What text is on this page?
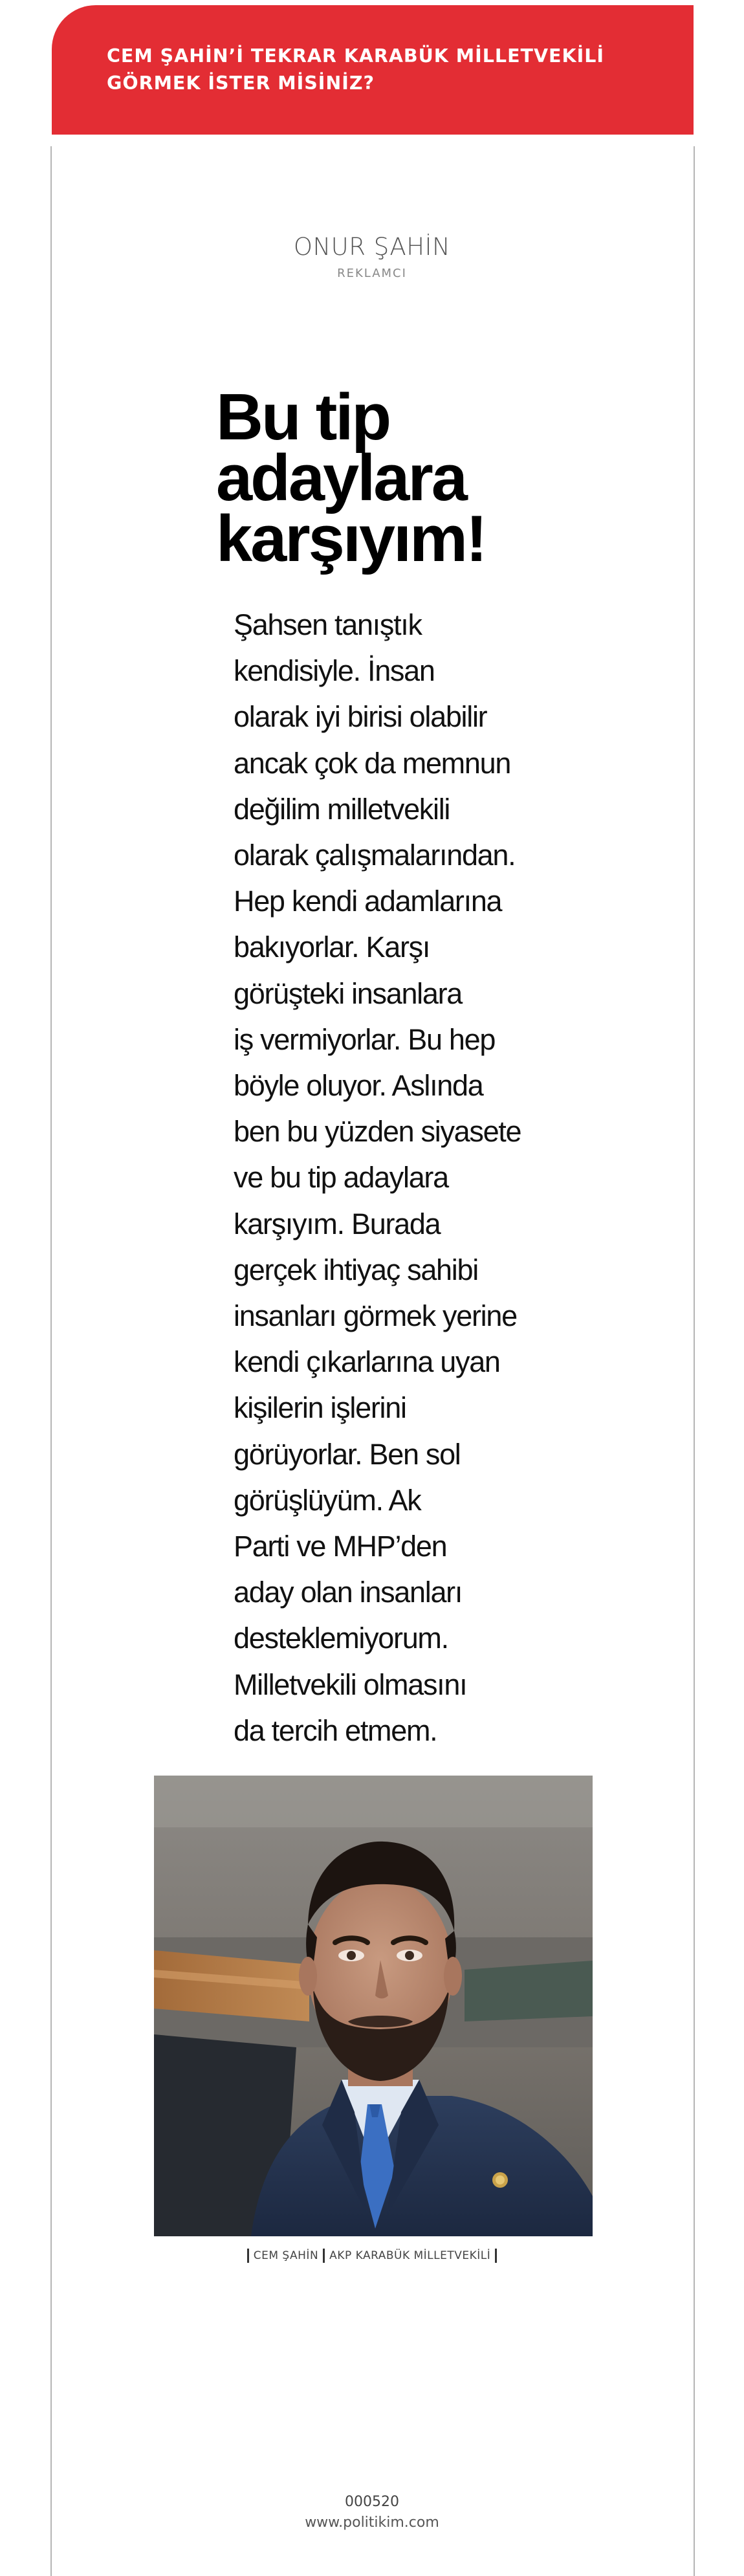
CEM ŞAHİN’İ TEKRAR KARABÜK MİLLETVEKİLİ
GÖRMEK İSTER MİSİNİZ?
ONUR ŞAHİN
REKLAMCI
Bu tip
adaylara
karşıyım!
Şahsen tanıştık
kendisiyle. İnsan
olarak iyi birisi olabilir
ancak çok da memnun
değilim milletvekili
olarak çalışmalarından.
Hep kendi adamlarına
bakıyorlar. Karşı
görüşteki insanlara
iş vermiyorlar. Bu hep
böyle oluyor. Aslında
ben bu yüzden siyasete
ve bu tip adaylara
karşıyım. Burada
gerçek ihtiyaç sahibi
insanları görmek yerine
kendi çıkarlarına uyan
kişilerin işlerini
görüyorlar. Ben sol
görüşlüyüm. Ak
Parti ve MHP’den
aday olan insanları
desteklemiyorum.
Milletvekili olmasını
da tercih etmem.
CEM ŞAHİN AKP KARABÜK MİLLETVEKİLİ
000520
www.politikim.com
